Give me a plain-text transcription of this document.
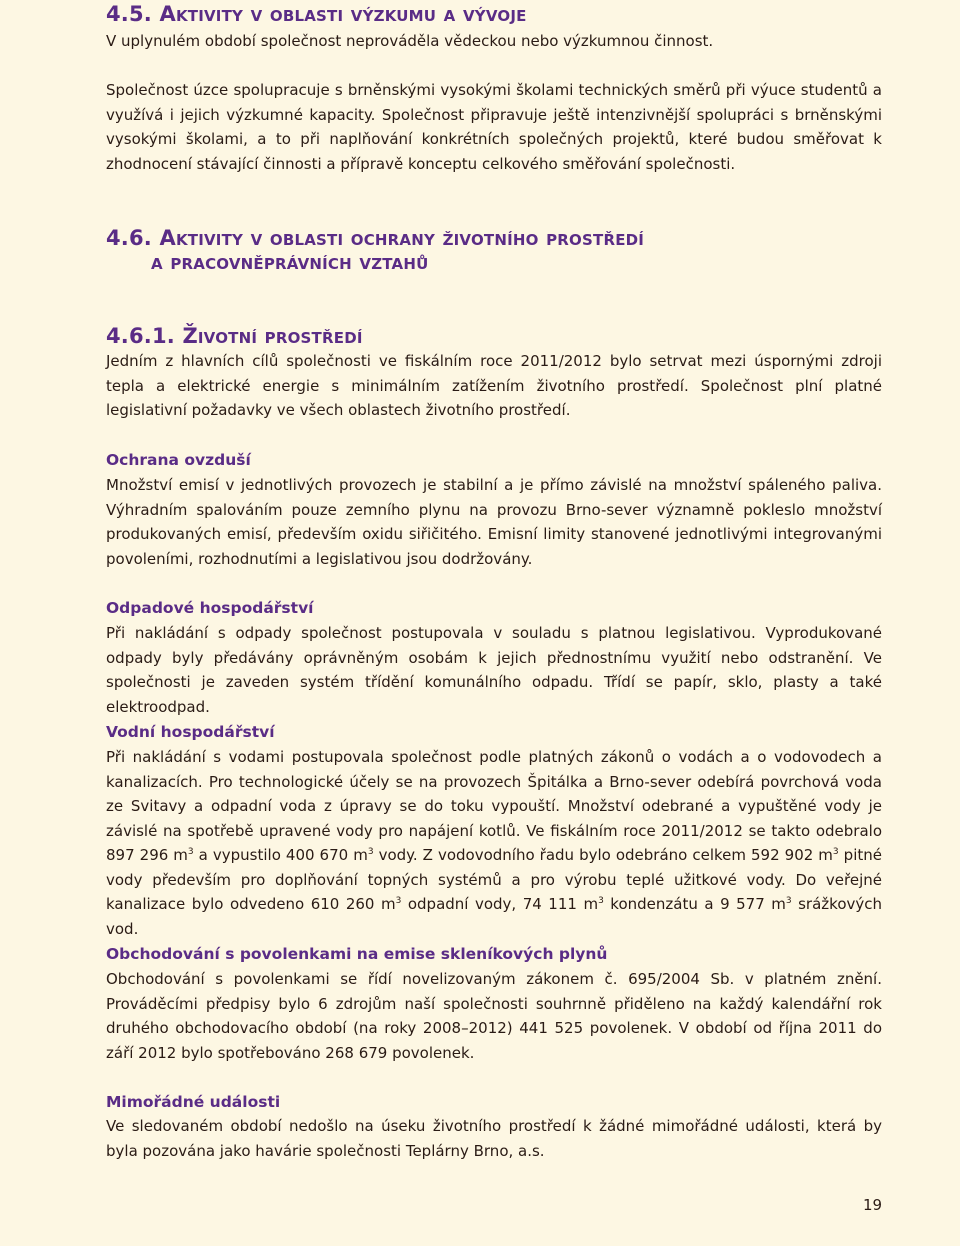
4.5. Aktivity v oblasti výzkumu a vývoje

V uplynulém období společnost neprováděla vědeckou nebo výzkumnou činnost.

Společnost úzce spolupracuje s brněnskými vysokými školami technických směrů při výuce studentů a využívá i jejich výzkumné kapacity. Společnost připravuje ještě intenzivnější spolupráci s brněnskými vysokými školami, a to při naplňování konkrétních společných projektů, které budou směřovat k zhodnocení stávající činnosti a přípravě konceptu celkového směřování společnosti.

4.6. Aktivity v oblasti ochrany životního prostředí
a pracovněprávních vztahů
4.6.1. Životní prostředí

Jedním z hlavních cílů společnosti ve fiskálním roce 2011/2012 bylo setrvat mezi úspornými zdroji tepla a elektrické energie s minimálním zatížením životního prostředí. Společnost plní platné legislativní požadavky ve všech oblastech životního prostředí.

Ochrana ovzduší

Množství emisí v jednotlivých provozech je stabilní a je přímo závislé na množství spáleného paliva. Výhradním spalováním pouze zemního plynu na provozu Brno-sever významně pokleslo množství produkovaných emisí, především oxidu siřičitého. Emisní limity stanovené jednotlivými integrovanými povoleními, rozhodnutími a legislativou jsou dodržovány.

Odpadové hospodářství

Při nakládání s odpady společnost postupovala v souladu s platnou legislativou. Vyprodukované odpady byly předávány oprávněným osobám k jejich přednostnímu využití nebo odstranění. Ve společnosti je zaveden systém třídění komunálního odpadu. Třídí se papír, sklo, plasty a také elektroodpad.

Vodní hospodářství

Při nakládání s vodami postupovala společnost podle platných zákonů o vodách a o vodovodech a kanalizacích. Pro technologické účely se na provozech Špitálka a Brno-sever odebírá povrchová voda ze Svitavy a odpadní voda z úpravy se do toku vypouští. Množství odebrané a vypuštěné vody je závislé na spotřebě upravené vody pro napájení kotlů. Ve fiskálním roce 2011/2012 se takto odebralo 897 296 $m^3$ a vypustilo 400 670 $m^3$ vody. Z vodovodního řadu bylo odebráno celkem 592 902 $m^3$ pitné vody především pro doplňování topných systémů a pro výrobu teplé užitkové vody. Do veřejné kanalizace bylo odvedeno 610 260 $m^3$ odpadní vody, 74 111 $m^3$ kondenzátu a 9 577 $m^3$ srážkových vod.

Obchodování s povolenkami na emise skleníkových plynů

Obchodování s povolenkami se řídí novelizovaným zákonem č. 695/2004 Sb. v platném znění. Prováděcími předpisy bylo 6 zdrojům naší společnosti souhrnně přiděleno na každý kalendářní rok druhého obchodovacího období (na roky 2008–2012) 441 525 povolenek. V období od října 2011 do září 2012 bylo spotřebováno 268 679 povolenek.

Mimořádné události

Ve sledovaném období nedošlo na úseku životního prostředí k žádné mimořádné události, která by byla pozována jako havárie společnosti Teplárny Brno, a.s.

19
